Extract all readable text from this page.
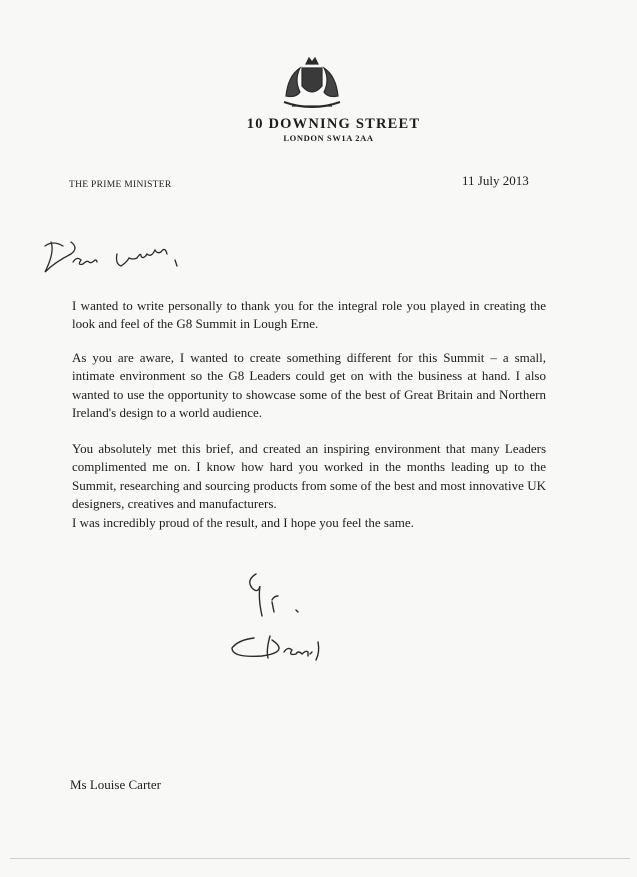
10 DOWNING STREET
LONDON SW1A 2AA
THE PRIME MINISTER	11 July 2013

I wanted to write personally to thank you for the integral role you played in creating the look and feel of the G8 Summit in Lough Erne.

As you are aware, I wanted to create something different for this Summit – a small, intimate environment so the G8 Leaders could get on with the business at hand. I also wanted to use the opportunity to showcase some of the best of Great Britain and Northern Ireland's design to a world audience.

You absolutely met this brief, and created an inspiring environment that many Leaders complimented me on. I know how hard you worked in the months leading up to the Summit, researching and sourcing products from some of the best and most innovative UK designers, creatives and manufacturers.

I was incredibly proud of the result, and I hope you feel the same.

Ms Louise Carter
